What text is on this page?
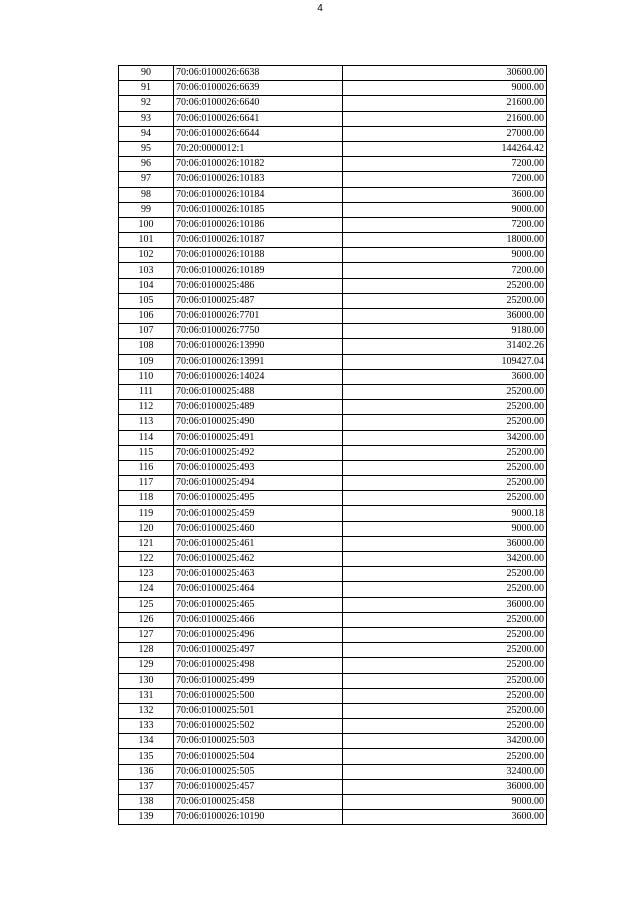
4
90	70:06:0100026:6638	30600.00
91	70:06:0100026:6639	9000.00
92	70:06:0100026:6640	21600.00
93	70:06:0100026:6641	21600.00
94	70:06:0100026:6644	27000.00
95	70:20:0000012:1	144264.42
96	70:06:0100026:10182	7200.00
97	70:06:0100026:10183	7200.00
98	70:06:0100026:10184	3600.00
99	70:06:0100026:10185	9000.00
100	70:06:0100026:10186	7200.00
101	70:06:0100026:10187	18000.00
102	70:06:0100026:10188	9000.00
103	70:06:0100026:10189	7200.00
104	70:06:0100025:486	25200.00
105	70:06:0100025:487	25200.00
106	70:06:0100026:7701	36000.00
107	70:06:0100026:7750	9180.00
108	70:06:0100026:13990	31402.26
109	70:06:0100026:13991	109427.04
110	70:06:0100026:14024	3600.00
111	70:06:0100025:488	25200.00
112	70:06:0100025:489	25200.00
113	70:06:0100025:490	25200.00
114	70:06:0100025:491	34200.00
115	70:06:0100025:492	25200.00
116	70:06:0100025:493	25200.00
117	70:06:0100025:494	25200.00
118	70:06:0100025:495	25200.00
119	70:06:0100025:459	9000.18
120	70:06:0100025:460	9000.00
121	70:06:0100025:461	36000.00
122	70:06:0100025:462	34200.00
123	70:06:0100025:463	25200.00
124	70:06:0100025:464	25200.00
125	70:06:0100025:465	36000.00
126	70:06:0100025:466	25200.00
127	70:06:0100025:496	25200.00
128	70:06:0100025:497	25200.00
129	70:06:0100025:498	25200.00
130	70:06:0100025:499	25200.00
131	70:06:0100025:500	25200.00
132	70:06:0100025:501	25200.00
133	70:06:0100025:502	25200.00
134	70:06:0100025:503	34200.00
135	70:06:0100025:504	25200.00
136	70:06:0100025:505	32400.00
137	70:06:0100025:457	36000.00
138	70:06:0100025:458	9000.00
139	70:06:0100026:10190	3600.00
